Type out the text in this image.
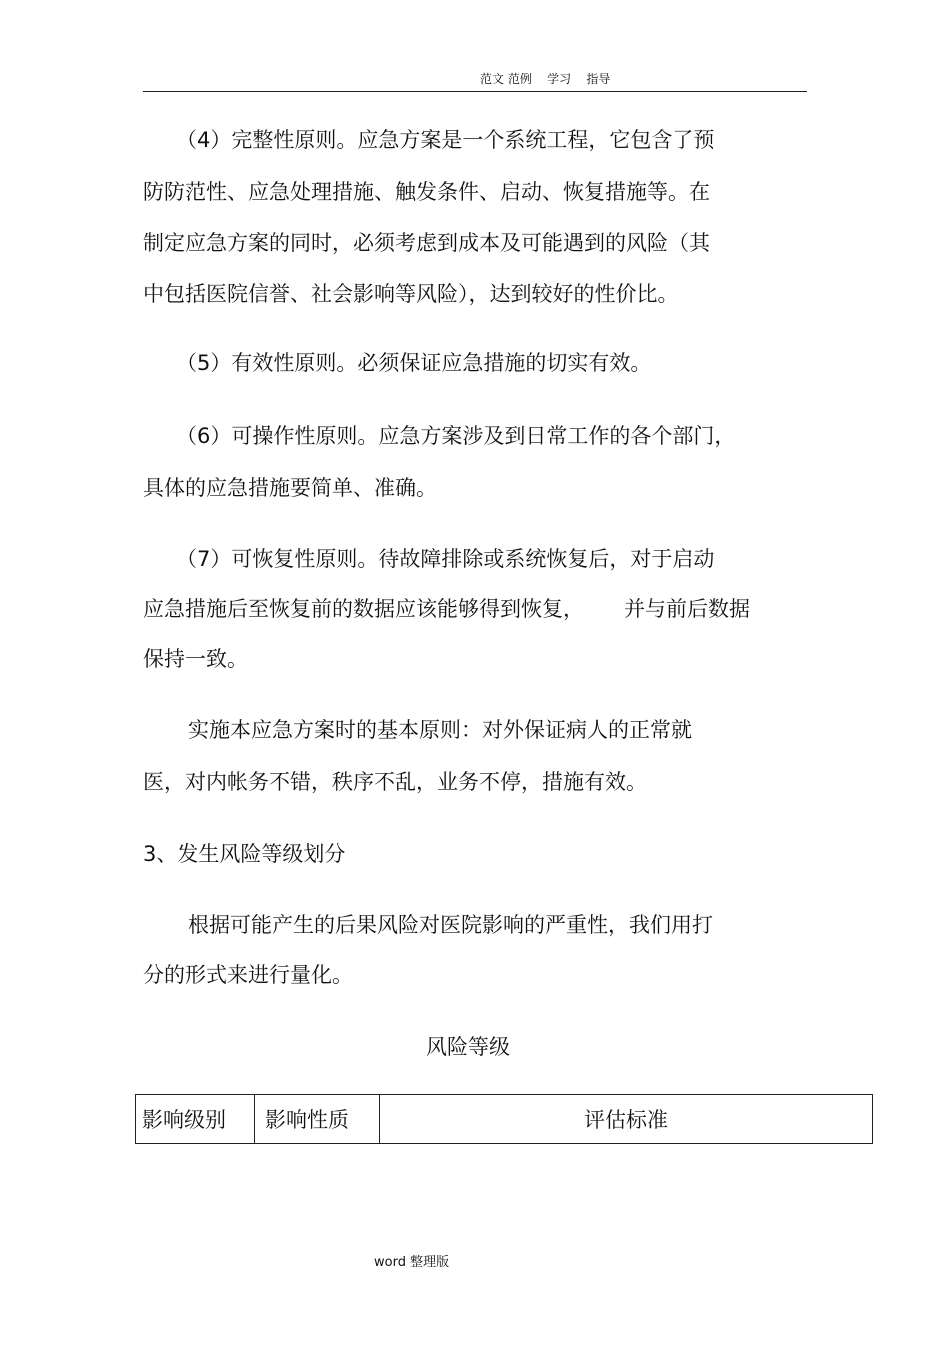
范文 范例    学习    指导
（4）完整性原则。应急方案是一个系统工程，它包含了预
防防范性、应急处理措施、触发条件、启动、恢复措施等。在
制定应急方案的同时，必须考虑到成本及可能遇到的风险（其
中包括医院信誉、社会影响等风险），达到较好的性价比。
（5）有效性原则。必须保证应急措施的切实有效。
（6）可操作性原则。应急方案涉及到日常工作的各个部门，
具体的应急措施要简单、准确。
（7）可恢复性原则。待故障排除或系统恢复后，对于启动
应急措施后至恢复前的数据应该能够得到恢复，      并与前后数据
保持一致。
实施本应急方案时的基本原则：对外保证病人的正常就
医，对内帐务不错，秩序不乱，业务不停，措施有效。
3、发生风险等级划分
根据可能产生的后果风险对医院影响的严重性，我们用打
分的形式来进行量化。
风险等级
影响级别	影响性质	评估标准
word 整理版
